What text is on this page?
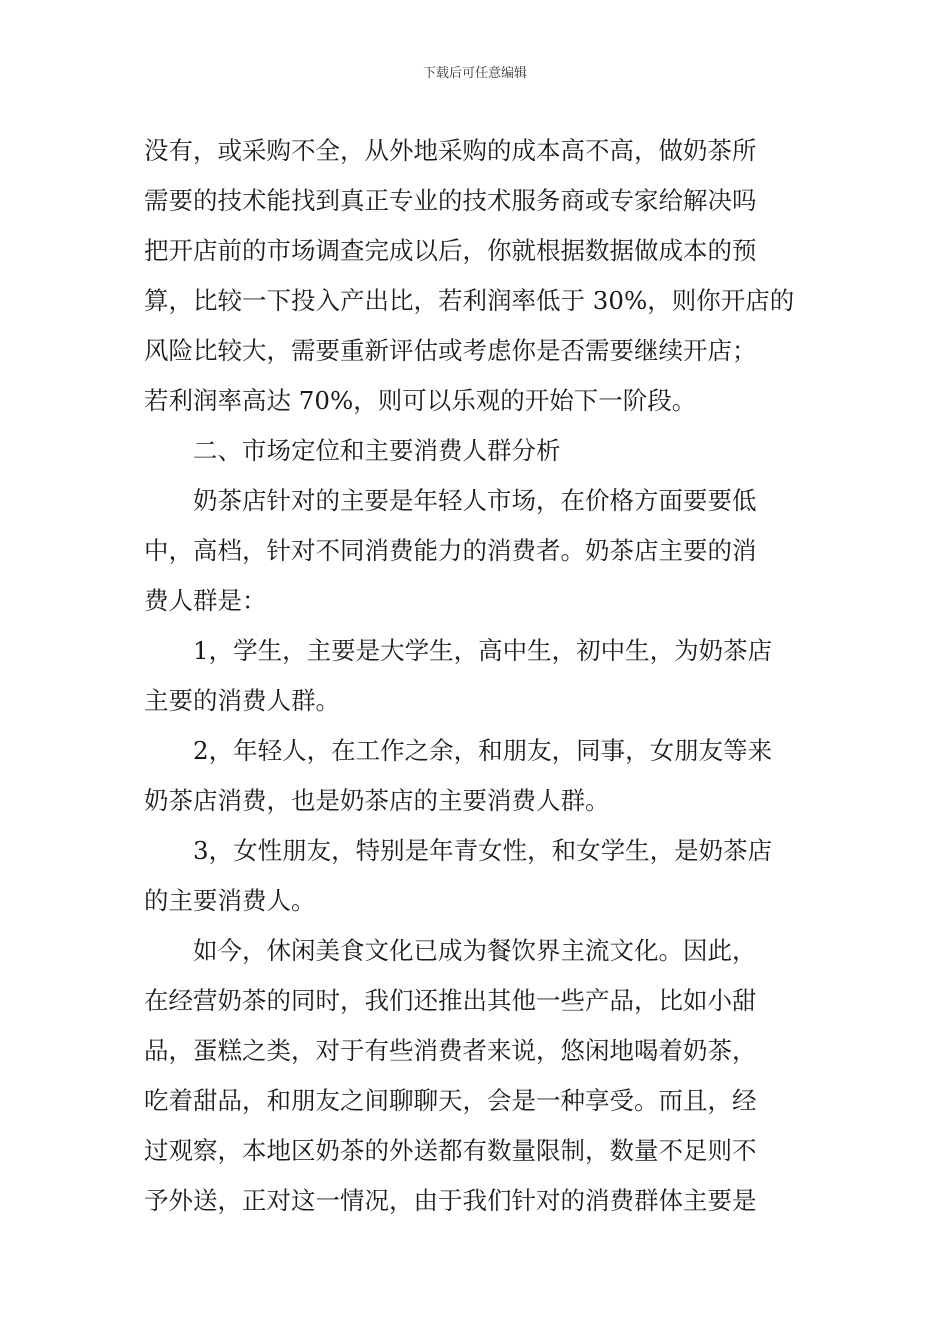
下载后可任意编辑
没有，或采购不全，从外地采购的成本高不高，做奶茶所
需要的技术能找到真正专业的技术服务商或专家给解决吗
把开店前的市场调查完成以后，你就根据数据做成本的预
算，比较一下投入产出比，若利润率低于 30%，则你开店的
风险比较大，需要重新评估或考虑你是否需要继续开店；
若利润率高达 70%，则可以乐观的开始下一阶段。
二、市场定位和主要消费人群分析
奶茶店针对的主要是年轻人市场，在价格方面要要低
中，高档，针对不同消费能力的消费者。奶茶店主要的消
费人群是：
1，学生，主要是大学生，高中生，初中生，为奶茶店
主要的消费人群。
2，年轻人，在工作之余，和朋友，同事，女朋友等来
奶茶店消费，也是奶茶店的主要消费人群。
3，女性朋友，特别是年青女性，和女学生，是奶茶店
的主要消费人。
如今，休闲美食文化已成为餐饮界主流文化。因此，
在经营奶茶的同时，我们还推出其他一些产品，比如小甜
品，蛋糕之类，对于有些消费者来说，悠闲地喝着奶茶，
吃着甜品，和朋友之间聊聊天，会是一种享受。而且，经
过观察，本地区奶茶的外送都有数量限制，数量不足则不
予外送，正对这一情况，由于我们针对的消费群体主要是
